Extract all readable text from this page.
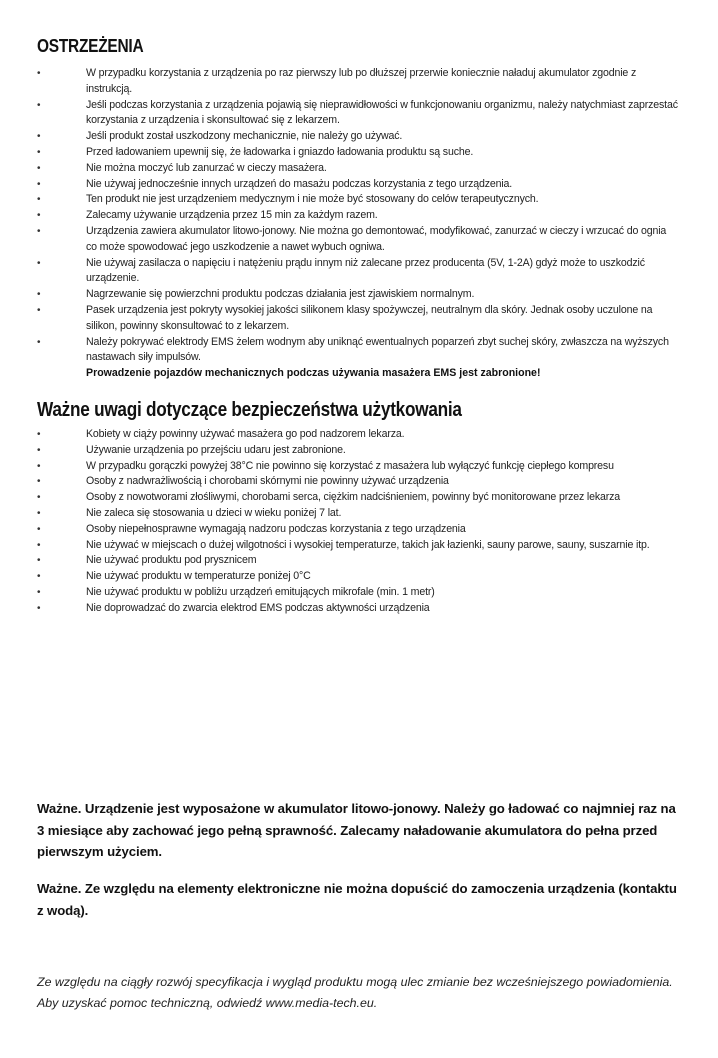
OSTRZEŻENIA
•	W przypadku korzystania z urządzenia po raz pierwszy lub po dłuższej przerwie koniecznie naładuj akumulator zgodnie z instrukcją.
•	Jeśli podczas korzystania z urządzenia pojawią się nieprawidłowości w funkcjonowaniu organizmu, należy natychmiast zaprzestać korzystania z urządzenia i skonsultować się z lekarzem.
•	Jeśli produkt został uszkodzony mechanicznie, nie należy go używać.
•	Przed ładowaniem upewnij się, że ładowarka i gniazdo ładowania produktu są suche.
•	Nie można moczyć lub zanurzać w cieczy masażera.
•	Nie używaj jednocześnie innych urządzeń do masażu podczas korzystania z tego urządzenia.
•	Ten produkt nie jest urządzeniem medycznym i nie może być stosowany do celów terapeutycznych.
•	Zalecamy używanie urządzenia przez 15 min za każdym razem.
•	Urządzenia zawiera akumulator litowo-jonowy. Nie można go demontować, modyfikować, zanurzać w cieczy i wrzucać do ognia co może spowodować jego uszkodzenie a nawet wybuch ogniwa.
•	Nie używaj zasilacza o napięciu i natężeniu prądu innym niż zalecane przez producenta (5V, 1-2A) gdyż może to uszkodzić urządzenie.
•	Nagrzewanie się powierzchni produktu podczas działania jest zjawiskiem normalnym.
•	Pasek urządzenia jest pokryty wysokiej jakości silikonem klasy spożywczej, neutralnym dla skóry. Jednak osoby uczulone na silikon, powinny skonsultować to z lekarzem.
•	Należy pokrywać elektrody EMS żelem wodnym aby uniknąć ewentualnych poparzeń zbyt suchej skóry, zwłaszcza na wyższych nastawach siły impulsów.
Prowadzenie pojazdów mechanicznych podczas używania masażera EMS jest zabronione!
Ważne uwagi dotyczące bezpieczeństwa użytkowania
•	Kobiety w ciąży powinny używać masażera go pod nadzorem lekarza.
•	Używanie urządzenia po przejściu udaru jest zabronione.
•	W przypadku gorączki powyżej 38°C nie powinno się korzystać z masażera lub wyłączyć funkcję ciepłego kompresu
•	Osoby z nadwrażliwością i chorobami skórnymi nie powinny używać urządzenia
•	Osoby z nowotworami złośliwymi, chorobami serca, ciężkim nadciśnieniem, powinny być monitorowane przez lekarza
•	Nie zaleca się stosowania u dzieci w wieku poniżej 7 lat.
•	Osoby niepełnosprawne wymagają nadzoru podczas korzystania z tego urządzenia
•	Nie używać w miejscach o dużej wilgotności i wysokiej temperaturze, takich jak łazienki, sauny parowe, sauny, suszarnie itp.
•	Nie używać produktu pod prysznicem
•	Nie używać produktu w temperaturze poniżej 0°C
•	Nie używać produktu w pobliżu urządzeń emitujących mikrofale (min. 1 metr)
•	Nie doprowadzać do zwarcia elektrod EMS podczas aktywności urządzenia

Ważne. Urządzenie jest wyposażone w akumulator litowo-jonowy. Należy go ładować co najmniej raz na 3 miesiące aby zachować jego pełną sprawność. Zalecamy naładowanie akumulatora do pełna przed pierwszym użyciem.

Ważne. Ze względu na elementy elektroniczne nie można dopuścić do zamoczenia urządzenia (kontaktu z wodą).

Ze względu na ciągły rozwój specyfikacja i wygląd produktu mogą ulec zmianie bez wcześniejszego powiadomienia. Aby uzyskać pomoc techniczną, odwiedź www.media-tech.eu.
